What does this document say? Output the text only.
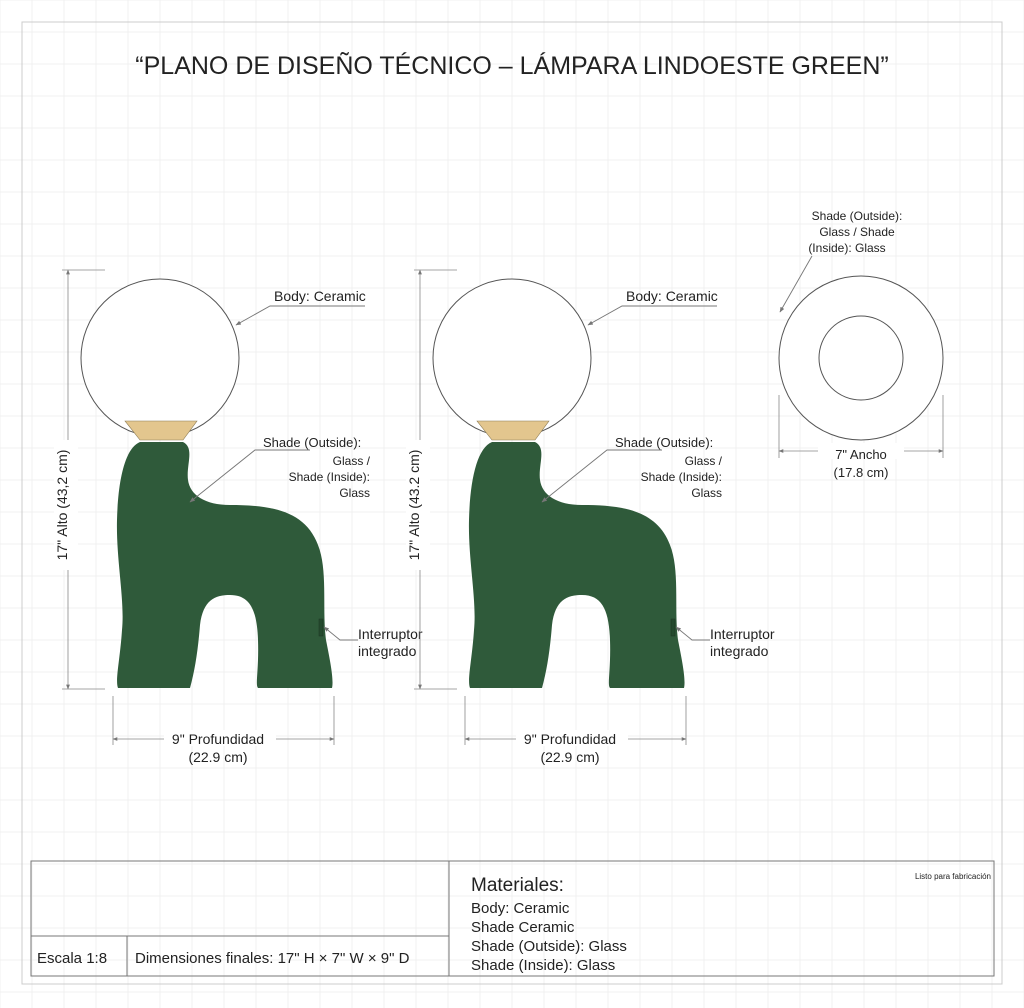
“PLANO DE DISEÑO TÉCNICO – LÁMPARA LINDOESTE GREEN”
17" Alto (43,2 cm)
Body: Ceramic
Shade (Outside):
Glass /
Shade (Inside):
Glass
Interruptor
integrado
9" Profundidad
(22.9 cm)
17" Alto (43.2 cm)
Body: Ceramic
Shade (Outside):
Glass /
Shade (Inside):
Glass
Interruptor
integrado
9" Profundidad
(22.9 cm)
Shade (Outside):
Glass / Shade
(Inside): Glass
7" Ancho
(17.8 cm)
Escala 1:8 Dimensiones finales: 17" H × 7" W × 9" D
Materiales:
Body: Ceramic
Shade Ceramic
Shade (Outside): Glass
Shade (Inside): Glass
Listo para fabricación
